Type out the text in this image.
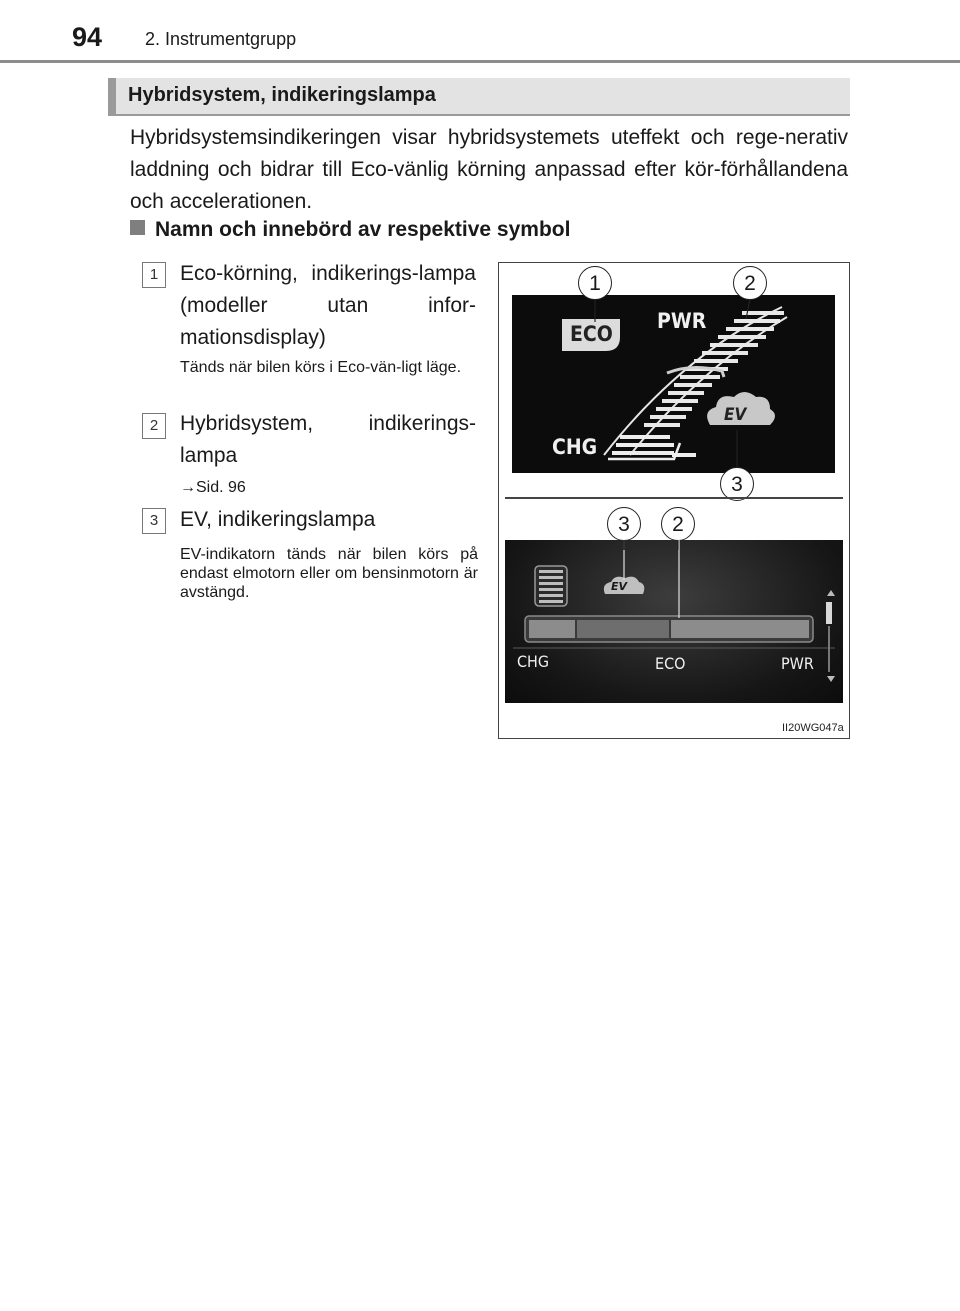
94 2. Instrumentgrupp
Hybridsystem, indikeringslampa
Hybridsystemsindikeringen visar hybridsystemets uteffekt och rege-nerativ laddning och bidrar till Eco-vänlig körning anpassad efter kör-förhållandena och accelerationen.
Namn och innebörd av respektive symbol
1	Eco-körning, indikerings-lampa (modeller utan infor-mationsdisplay)
Tänds när bilen körs i Eco-vän-ligt läge.
2	Hybridsystem, indikerings-lampa
→Sid. 96
3	EV, indikeringslampa
EV-indikatorn tänds när bilen körs på endast elmotorn eller om bensinmotorn är avstängd.
ECO
PWR
CHG
EV
1	2
3
3	2
CHG	ECO	PWR
EV
II20WG047a
